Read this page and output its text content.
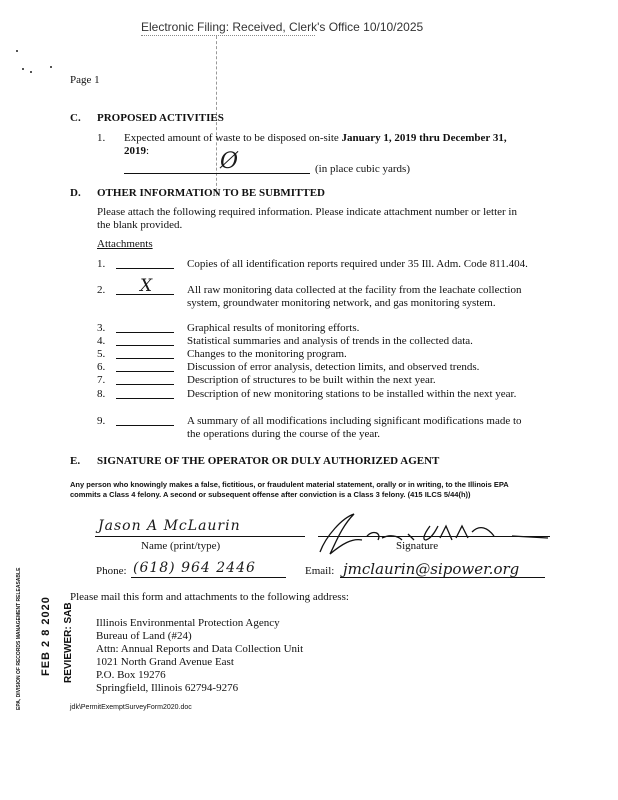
Electronic Filing: Received, Clerk's Office 10/10/2025
Page 1
C. PROPOSED ACTIVITIES
1. Expected amount of waste to be disposed on-site January 1, 2019 thru December 31, 2019:	Ø	(in place cubic yards)
D. OTHER INFORMATION TO BE SUBMITTED
Please attach the following required information. Please indicate attachment number or letter in the blank provided.
Attachments
1.	Copies of all identification reports required under 35 Ill. Adm. Code 811.404.
2. X	All raw monitoring data collected at the facility from the leachate collection system, groundwater monitoring network, and gas monitoring system.
3.	Graphical results of monitoring efforts.
4.	Statistical summaries and analysis of trends in the collected data.
5.	Changes to the monitoring program.
6.	Discussion of error analysis, detection limits, and observed trends.
7.	Description of structures to be built within the next year.
8.	Description of new monitoring stations to be installed within the next year.
9.	A summary of all modifications including significant modifications made to the operations during the course of the year.
E. SIGNATURE OF THE OPERATOR OR DULY AUTHORIZED AGENT
Any person who knowingly makes a false, fictitious, or fraudulent material statement, orally or in writing, to the Illinois EPA commits a Class 4 felony. A second or subsequent offense after conviction is a Class 3 felony. (415 ILCS 5/44(h))
Jason A McLaurin
Name (print/type)	Signature
Phone: (618) 964 2446	Email: jmclaurin@sipower.org
Please mail this form and attachments to the following address:
Illinois Environmental Protection Agency
Bureau of Land (#24)
Attn: Annual Reports and Data Collection Unit
1021 North Grand Avenue East
P.O. Box 19276
Springfield, Illinois 62794-9276
jdk\PermitExemptSurveyForm2020.doc
EPA, DIVISION OF RECORDS MANAGEMENT RELEASABLE FEB 2 8 2020 REVIEWER: SAB
